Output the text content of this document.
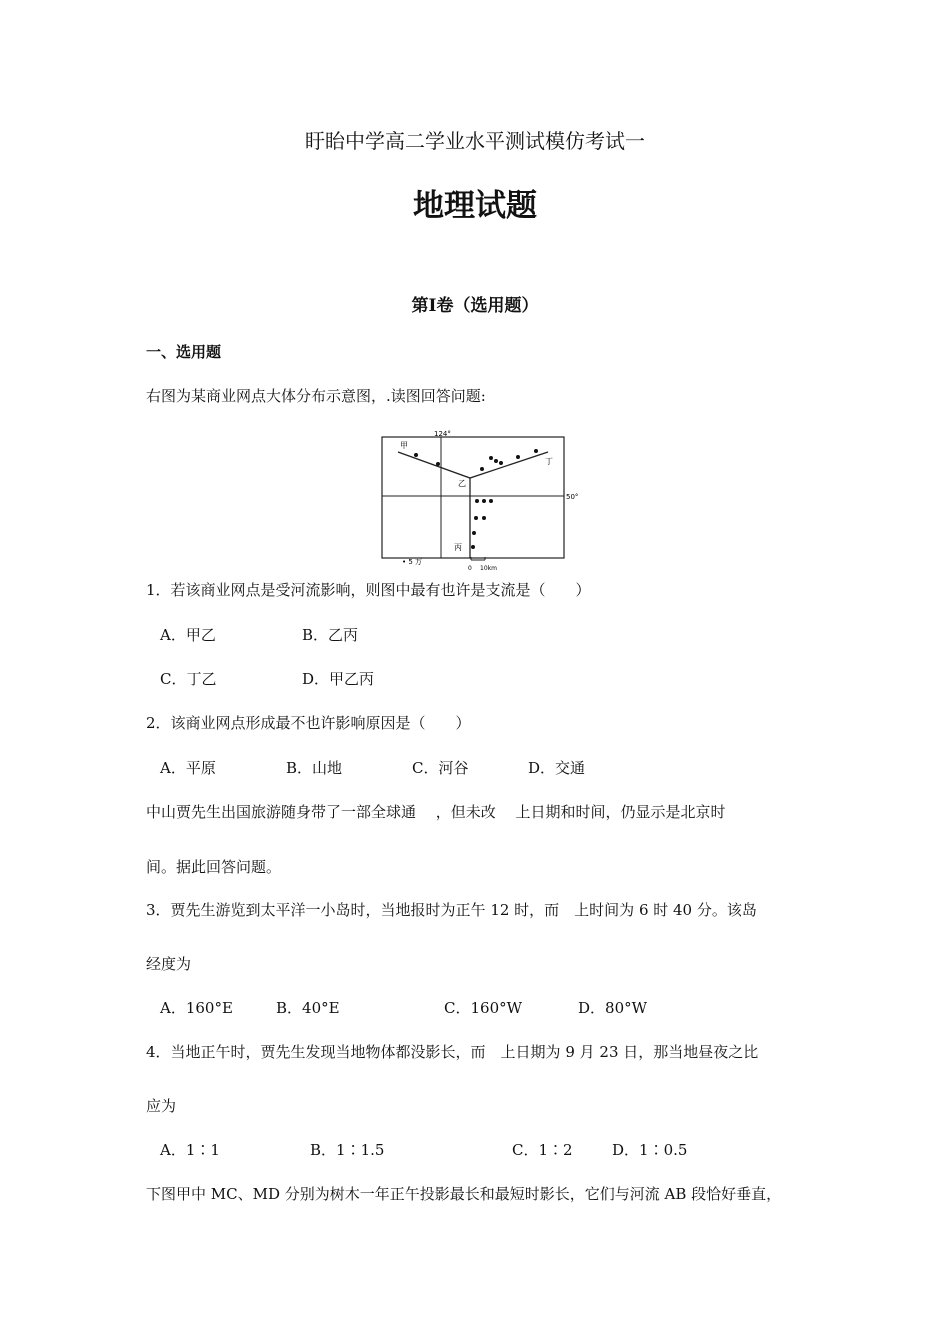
盱眙中学高二学业水平测试模仿考试一
地理试题
第Ⅰ卷（选用题）
一、选用题
右图为某商业网点大体分布示意图，.读图回答问题:
124°
50°
甲
丁
乙
丙
• 5 万
0 10km
1．若该商业网点是受河流影响，则图中最有也许是支流是（　　）
A．甲乙	B．乙丙
C．丁乙	D．甲乙丙
2．该商业网点形成最不也许影响原因是（　　）
A．平原	B．山地	C．河谷	D．交通
中山贾先生出国旅游随身带了一部全球通　 ，但未改　 上日期和时间，仍显示是北京时
间。据此回答问题。
3．贾先生游览到太平洋一小岛时，当地报时为正午 12 时，而　上时间为 6 时 40 分。该岛
经度为
A．160°E	B．40°E	C．160°W	D．80°W
4．当地正午时，贾先生发现当地物体都没影长，而　上日期为 9 月 23 日，那当地昼夜之比
应为
A．1∶1	B．1∶1.5	C．1∶2	D．1∶0.5
下图甲中 MC、MD 分别为树木一年正午投影最长和最短时影长，它们与河流 AB 段恰好垂直，
